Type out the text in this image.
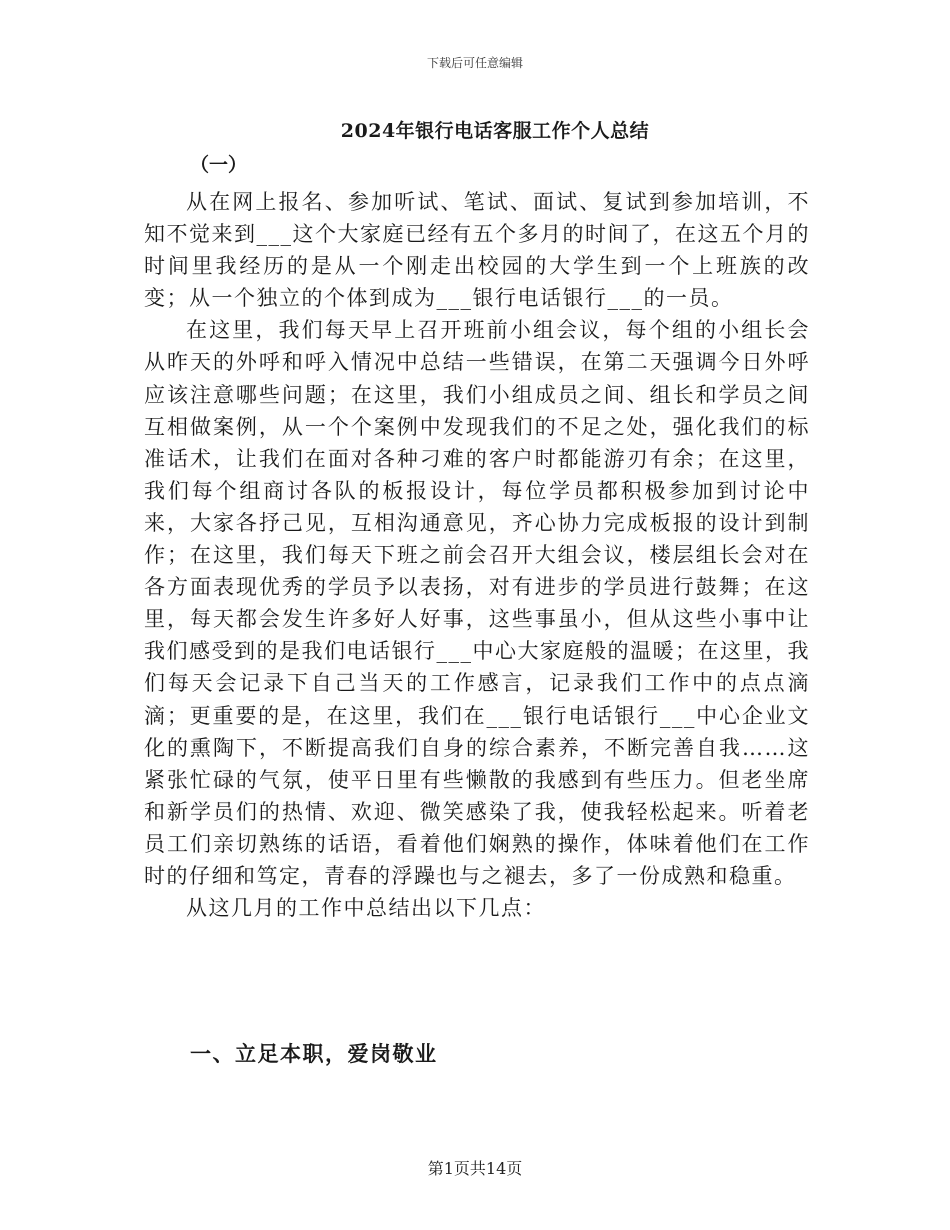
下载后可任意编辑
2024年银行电话客服工作个人总结
（一）

从在网上报名、参加听试、笔试、面试、复试到参加培训，不知不觉来到___这个大家庭已经有五个多月的时间了，在这五个月的时间里我经历的是从一个刚走出校园的大学生到一个上班族的改变；从一个独立的个体到成为___银行电话银行___的一员。

在这里，我们每天早上召开班前小组会议，每个组的小组长会从昨天的外呼和呼入情况中总结一些错误，在第二天强调今日外呼应该注意哪些问题；在这里，我们小组成员之间、组长和学员之间互相做案例，从一个个案例中发现我们的不足之处，强化我们的标准话术，让我们在面对各种刁难的客户时都能游刃有余；在这里，我们每个组商讨各队的板报设计，每位学员都积极参加到讨论中来，大家各抒己见，互相沟通意见，齐心协力完成板报的设计到制作；在这里，我们每天下班之前会召开大组会议，楼层组长会对在各方面表现优秀的学员予以表扬，对有进步的学员进行鼓舞；在这里，每天都会发生许多好人好事，这些事虽小，但从这些小事中让我们感受到的是我们电话银行___中心大家庭般的温暖；在这里，我们每天会记录下自己当天的工作感言，记录我们工作中的点点滴滴；更重要的是，在这里，我们在___银行电话银行___中心企业文化的熏陶下，不断提高我们自身的综合素养，不断完善自我……这紧张忙碌的气氛，使平日里有些懒散的我感到有些压力。但老坐席和新学员们的热情、欢迎、微笑感染了我，使我轻松起来。听着老员工们亲切熟练的话语，看着他们娴熟的操作，体味着他们在工作时的仔细和笃定，青春的浮躁也与之褪去，多了一份成熟和稳重。

从这几月的工作中总结出以下几点：

一、立足本职，爱岗敬业
第1页共14页
